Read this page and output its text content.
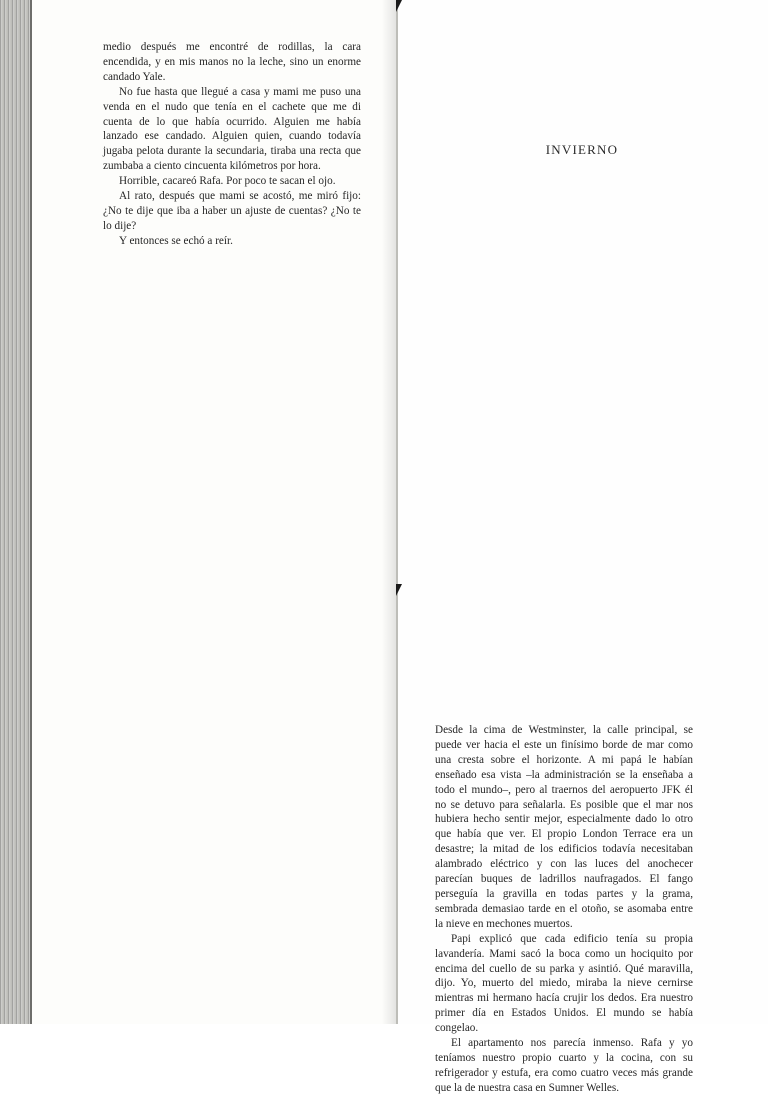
medio después me encontré de rodillas, la cara encendida, y en mis manos no la leche, sino un enorme candado Yale.

No fue hasta que llegué a casa y mami me puso una venda en el nudo que tenía en el cachete que me di cuenta de lo que había ocurrido. Alguien me había lanzado ese candado. Alguien quien, cuando todavía jugaba pelota durante la secundaria, tiraba una recta que zumbaba a ciento cincuenta kilómetros por hora.

Horrible, cacareó Rafa. Por poco te sacan el ojo.

Al rato, después que mami se acostó, me miró fijo: ¿No te dije que iba a haber un ajuste de cuentas? ¿No te lo dije?

Y entonces se echó a reír.

INVIERNO

Desde la cima de Westminster, la calle principal, se puede ver hacia el este un finísimo borde de mar como una cresta sobre el horizonte. A mi papá le habían enseñado esa vista –la administración se la enseñaba a todo el mundo–, pero al traernos del aeropuerto JFK él no se detuvo para señalarla. Es posible que el mar nos hubiera hecho sentir mejor, especialmente dado lo otro que había que ver. El propio London Terrace era un desastre; la mitad de los edificios todavía necesitaban alambrado eléctrico y con las luces del anochecer parecían buques de ladrillos naufragados. El fango perseguía la gravilla en todas partes y la grama, sembrada demasiao tarde en el otoño, se asomaba entre la nieve en mechones muertos.

Papi explicó que cada edificio tenía su propia lavandería. Mami sacó la boca como un hociquito por encima del cuello de su parka y asintió. Qué maravilla, dijo. Yo, muerto del miedo, miraba la nieve cernirse mientras mi hermano hacía crujir los dedos. Era nuestro primer día en Estados Unidos. El mundo se había congelao.

El apartamento nos parecía inmenso. Rafa y yo teníamos nuestro propio cuarto y la cocina, con su refrigerador y estufa, era como cuatro veces más grande que la de nuestra casa en Sumner Welles.
